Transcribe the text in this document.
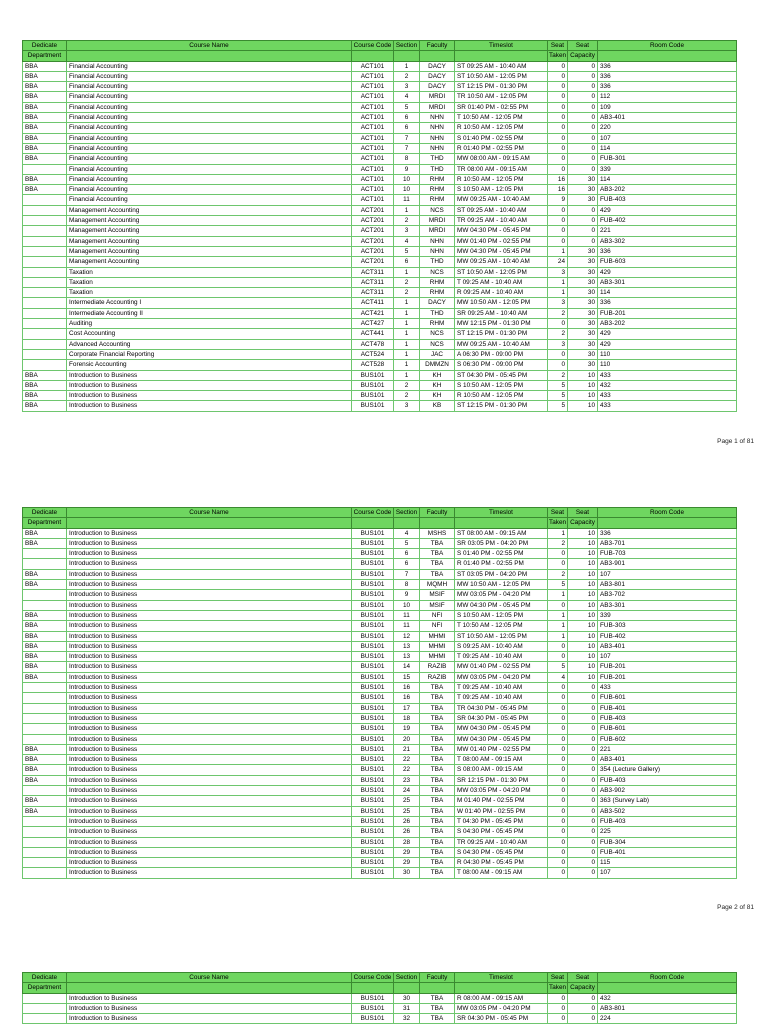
Dedicate	Course Name	Course Code	Section	Faculty	Timeslot	Seat	Seat	Room Code
Department						Taken	Capacity	
BBA	Financial Accounting	ACT101	1	DACY	ST 09:25 AM - 10:40 AM	0	0	336
BBA	Financial Accounting	ACT101	2	DACY	ST 10:50 AM - 12:05 PM	0	0	336
BBA	Financial Accounting	ACT101	3	DACY	ST 12:15 PM - 01:30 PM	0	0	336
BBA	Financial Accounting	ACT101	4	MRDI	TR 10:50 AM - 12:05 PM	0	0	112
BBA	Financial Accounting	ACT101	5	MRDI	SR 01:40 PM - 02:55 PM	0	0	109
BBA	Financial Accounting	ACT101	6	NHN	T 10:50 AM - 12:05 PM	0	0	AB3-401
BBA	Financial Accounting	ACT101	6	NHN	R 10:50 AM - 12:05 PM	0	0	220
BBA	Financial Accounting	ACT101	7	NHN	S 01:40 PM - 02:55 PM	0	0	107
BBA	Financial Accounting	ACT101	7	NHN	R 01:40 PM - 02:55 PM	0	0	114
BBA	Financial Accounting	ACT101	8	THD	MW 08:00 AM - 09:15 AM	0	0	FUB-301
	Financial Accounting	ACT101	9	THD	TR 08:00 AM - 09:15 AM	0	0	339
BBA	Financial Accounting	ACT101	10	RHM	R 10:50 AM - 12:05 PM	16	30	114
BBA	Financial Accounting	ACT101	10	RHM	S 10:50 AM - 12:05 PM	16	30	AB3-202
	Financial Accounting	ACT101	11	RHM	MW 09:25 AM - 10:40 AM	9	30	FUB-403
	Management Accounting	ACT201	1	NCS	ST 09:25 AM - 10:40 AM	0	0	429
	Management Accounting	ACT201	2	MRDI	TR 09:25 AM - 10:40 AM	0	0	FUB-402
	Management Accounting	ACT201	3	MRDI	MW 04:30 PM - 05:45 PM	0	0	221
	Management Accounting	ACT201	4	NHN	MW 01:40 PM - 02:55 PM	0	0	AB3-302
	Management Accounting	ACT201	5	NHN	MW 04:30 PM - 05:45 PM	1	30	336
	Management Accounting	ACT201	6	THD	MW 09:25 AM - 10:40 AM	24	30	FUB-603
	Taxation	ACT311	1	NCS	ST 10:50 AM - 12:05 PM	3	30	429
	Taxation	ACT311	2	RHM	T 09:25 AM - 10:40 AM	1	30	AB3-301
	Taxation	ACT311	2	RHM	R 09:25 AM - 10:40 AM	1	30	114
	Intermediate Accounting I	ACT411	1	DACY	MW 10:50 AM - 12:05 PM	3	30	336
	Intermediate Accounting II	ACT421	1	THD	SR 09:25 AM - 10:40 AM	2	30	FUB-201
	Auditing	ACT427	1	RHM	MW 12:15 PM - 01:30 PM	0	30	AB3-202
	Cost Accounting	ACT441	1	NCS	ST 12:15 PM - 01:30 PM	2	30	429
	Advanced Accounting	ACT478	1	NCS	MW 09:25 AM - 10:40 AM	3	30	429
	Corporate Financial Reporting	ACT524	1	JAC	A 06:30 PM - 09:00 PM	0	30	110
	Forensic Accounting	ACT528	1	DMMZN	S 06:30 PM - 09:00 PM	0	30	110
BBA	Introduction to Business	BUS101	1	KH	ST 04:30 PM - 05:45 PM	2	10	433
BBA	Introduction to Business	BUS101	2	KH	S 10:50 AM - 12:05 PM	5	10	432
BBA	Introduction to Business	BUS101	2	KH	R 10:50 AM - 12:05 PM	5	10	433
BBA	Introduction to Business	BUS101	3	KB	ST 12:15 PM - 01:30 PM	5	10	433
Page 1 of 81
Dedicate	Course Name	Course Code	Section	Faculty	Timeslot	Seat	Seat	Room Code
Department						Taken	Capacity	
BBA	Introduction to Business	BUS101	4	MSHS	ST 08:00 AM - 09:15 AM	1	10	336
BBA	Introduction to Business	BUS101	5	TBA	SR 03:05 PM - 04:20 PM	2	10	AB3-701
	Introduction to Business	BUS101	6	TBA	S 01:40 PM - 02:55 PM	0	10	FUB-703
	Introduction to Business	BUS101	6	TBA	R 01:40 PM - 02:55 PM	0	10	AB3-901
BBA	Introduction to Business	BUS101	7	TBA	ST 03:05 PM - 04:20 PM	2	10	107
BBA	Introduction to Business	BUS101	8	MQMH	MW 10:50 AM - 12:05 PM	5	10	AB3-801
	Introduction to Business	BUS101	9	MSIF	MW 03:05 PM - 04:20 PM	1	10	AB3-702
	Introduction to Business	BUS101	10	MSIF	MW 04:30 PM - 05:45 PM	0	10	AB3-301
BBA	Introduction to Business	BUS101	11	NFI	S 10:50 AM - 12:05 PM	1	10	339
BBA	Introduction to Business	BUS101	11	NFI	T 10:50 AM - 12:05 PM	1	10	FUB-303
BBA	Introduction to Business	BUS101	12	MHMI	ST 10:50 AM - 12:05 PM	1	10	FUB-402
BBA	Introduction to Business	BUS101	13	MHMI	S 09:25 AM - 10:40 AM	0	10	AB3-401
BBA	Introduction to Business	BUS101	13	MHMI	T 09:25 AM - 10:40 AM	0	10	107
BBA	Introduction to Business	BUS101	14	RAZIB	MW 01:40 PM - 02:55 PM	5	10	FUB-201
BBA	Introduction to Business	BUS101	15	RAZIB	MW 03:05 PM - 04:20 PM	4	10	FUB-201
	Introduction to Business	BUS101	16	TBA	T 09:25 AM - 10:40 AM	0	0	433
	Introduction to Business	BUS101	16	TBA	T 09:25 AM - 10:40 AM	0	0	FUB-601
	Introduction to Business	BUS101	17	TBA	TR 04:30 PM - 05:45 PM	0	0	FUB-401
	Introduction to Business	BUS101	18	TBA	SR 04:30 PM - 05:45 PM	0	0	FUB-403
	Introduction to Business	BUS101	19	TBA	MW 04:30 PM - 05:45 PM	0	0	FUB-601
	Introduction to Business	BUS101	20	TBA	MW 04:30 PM - 05:45 PM	0	0	FUB-602
BBA	Introduction to Business	BUS101	21	TBA	MW 01:40 PM - 02:55 PM	0	0	221
BBA	Introduction to Business	BUS101	22	TBA	T 08:00 AM - 09:15 AM	0	0	AB3-401
BBA	Introduction to Business	BUS101	22	TBA	S 08:00 AM - 09:15 AM	0	0	354 (Lecture Gallery)
BBA	Introduction to Business	BUS101	23	TBA	SR 12:15 PM - 01:30 PM	0	0	FUB-403
	Introduction to Business	BUS101	24	TBA	MW 03:05 PM - 04:20 PM	0	0	AB3-902
BBA	Introduction to Business	BUS101	25	TBA	M 01:40 PM - 02:55 PM	0	0	363 (Survey Lab)
BBA	Introduction to Business	BUS101	25	TBA	W 01:40 PM - 02:55 PM	0	0	AB3-502
	Introduction to Business	BUS101	26	TBA	T 04:30 PM - 05:45 PM	0	0	FUB-403
	Introduction to Business	BUS101	26	TBA	S 04:30 PM - 05:45 PM	0	0	225
	Introduction to Business	BUS101	28	TBA	TR 09:25 AM - 10:40 AM	0	0	FUB-304
	Introduction to Business	BUS101	29	TBA	S 04:30 PM - 05:45 PM	0	0	FUB-401
	Introduction to Business	BUS101	29	TBA	R 04:30 PM - 05:45 PM	0	0	115
	Introduction to Business	BUS101	30	TBA	T 08:00 AM - 09:15 AM	0	0	107
Page 2 of 81
Dedicate	Course Name	Course Code	Section	Faculty	Timeslot	Seat	Seat	Room Code
Department						Taken	Capacity	
	Introduction to Business	BUS101	30	TBA	R 08:00 AM - 09:15 AM	0	0	432
	Introduction to Business	BUS101	31	TBA	MW 03:05 PM - 04:20 PM	0	0	AB3-801
	Introduction to Business	BUS101	32	TBA	SR 04:30 PM - 05:45 PM	0	0	224
